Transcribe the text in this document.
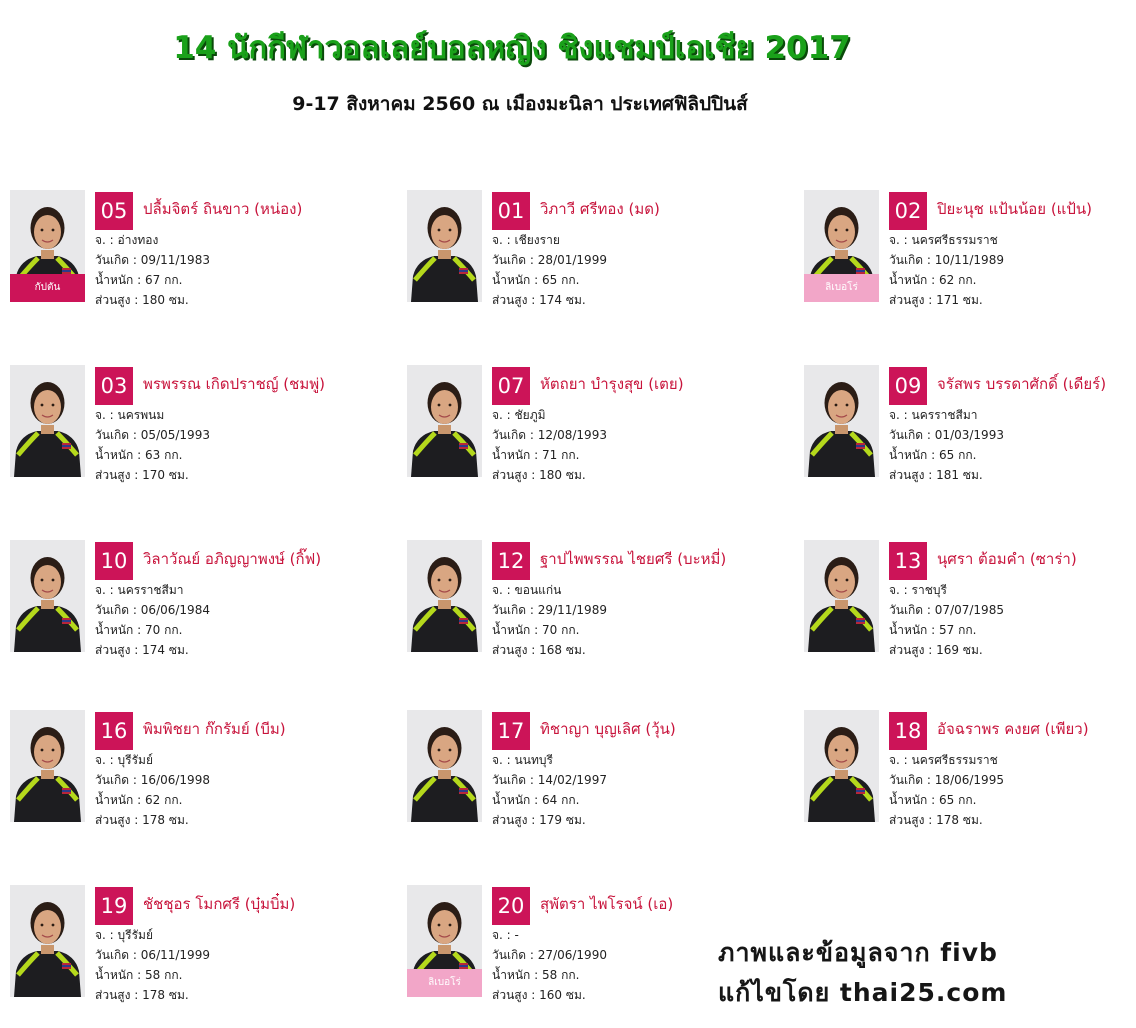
14 นักกีฬาวอลเลย์บอลหญิง ชิงแชมป์เอเชีย 2017
9-17 สิงหาคม 2560 ณ เมืองมะนิลา ประเทศฟิลิปปินส์
กัปตัน
05	ปลื้มจิตร์ ถินขาว (หน่อง)
จ. : อ่างทอง
วันเกิด : 09/11/1983
น้ำหนัก : 67 กก.
ส่วนสูง : 180 ซม.
01	วิภาวี ศรีทอง (มด)
จ. : เชียงราย
วันเกิด : 28/01/1999
น้ำหนัก : 65 กก.
ส่วนสูง : 174 ซม.
ลิเบอโร่
02	ปิยะนุช แป้นน้อย (แป้น)
จ. : นครศรีธรรมราช
วันเกิด : 10/11/1989
น้ำหนัก : 62 กก.
ส่วนสูง : 171 ซม.
03	พรพรรณ เกิดปราชญ์ (ชมพู่)
จ. : นครพนม
วันเกิด : 05/05/1993
น้ำหนัก : 63 กก.
ส่วนสูง : 170 ซม.
07	หัตถยา บำรุงสุข (เตย)
จ. : ชัยภูมิ
วันเกิด : 12/08/1993
น้ำหนัก : 71 กก.
ส่วนสูง : 180 ซม.
09	จรัสพร บรรดาศักดิ์ (เดียร์)
จ. : นครราชสีมา
วันเกิด : 01/03/1993
น้ำหนัก : 65 กก.
ส่วนสูง : 181 ซม.
10	วิลาวัณย์ อภิญญาพงษ์ (กิ๊ฟ)
จ. : นครราชสีมา
วันเกิด : 06/06/1984
น้ำหนัก : 70 กก.
ส่วนสูง : 174 ซม.
12	ฐาปไพพรรณ ไชยศรี (บะหมี่)
จ. : ขอนแก่น
วันเกิด : 29/11/1989
น้ำหนัก : 70 กก.
ส่วนสูง : 168 ซม.
13	นุศรา ต้อมคำ (ซาร่า)
จ. : ราชบุรี
วันเกิด : 07/07/1985
น้ำหนัก : 57 กก.
ส่วนสูง : 169 ซม.
16	พิมพิชยา ก๊กรัมย์ (บีม)
จ. : บุรีรัมย์
วันเกิด : 16/06/1998
น้ำหนัก : 62 กก.
ส่วนสูง : 178 ซม.
17	ทิชาญา บุญเลิศ (วุ้น)
จ. : นนทบุรี
วันเกิด : 14/02/1997
น้ำหนัก : 64 กก.
ส่วนสูง : 179 ซม.
18	อัจฉราพร คงยศ (เพียว)
จ. : นครศรีธรรมราช
วันเกิด : 18/06/1995
น้ำหนัก : 65 กก.
ส่วนสูง : 178 ซม.
19	ชัชชุอร โมกศรี (บุ๋มบิ๋ม)
จ. : บุรีรัมย์
วันเกิด : 06/11/1999
น้ำหนัก : 58 กก.
ส่วนสูง : 178 ซม.
ลิเบอโร่
20	สุพัตรา ไพโรจน์ (เอ)
จ. : -
วันเกิด : 27/06/1990
น้ำหนัก : 58 กก.
ส่วนสูง : 160 ซม.
ภาพและข้อมูลจาก fivb
แก้ไขโดย thai25.com
